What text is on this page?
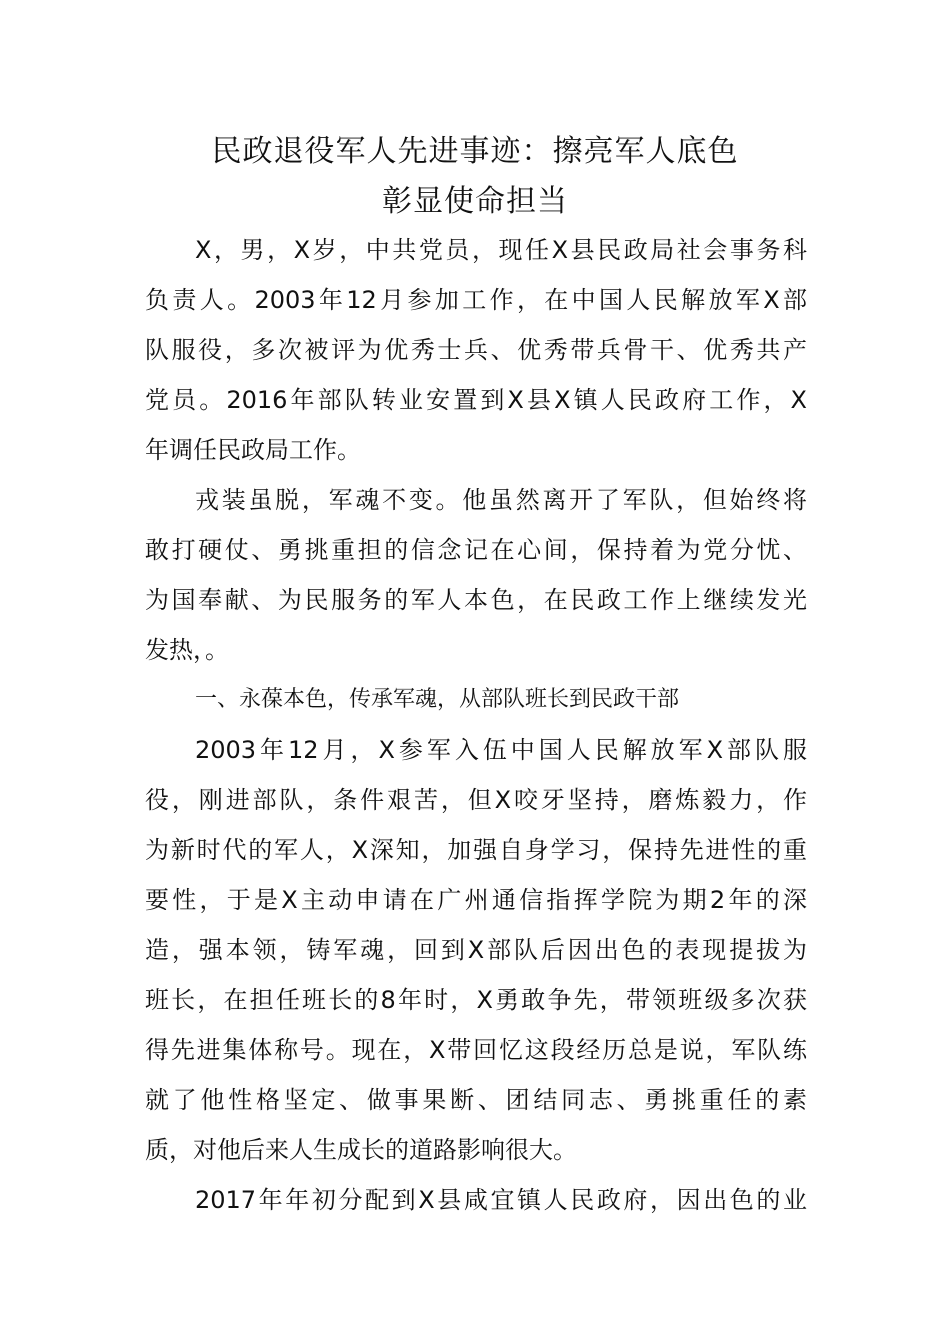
民政退役军人先进事迹：擦亮军人底色
彰显使命担当
X，男，X岁，中共党员，现任X县民政局社会事务科
负责人。2003年12月参加工作，在中国人民解放军X部
队服役，多次被评为优秀士兵、优秀带兵骨干、优秀共产
党员。2016年部队转业安置到X县X镇人民政府工作，X
年调任民政局工作。
戎装虽脱，军魂不变。他虽然离开了军队，但始终将
敢打硬仗、勇挑重担的信念记在心间，保持着为党分忧、
为国奉献、为民服务的军人本色，在民政工作上继续发光
发热，。
一、永葆本色，传承军魂，从部队班长到民政干部
2003年12月，X参军入伍中国人民解放军X部队服
役，刚进部队，条件艰苦，但X咬牙坚持，磨炼毅力，作
为新时代的军人，X深知，加强自身学习，保持先进性的重
要性，于是X主动申请在广州通信指挥学院为期2年的深
造，强本领，铸军魂，回到X部队后因出色的表现提拔为
班长，在担任班长的8年时，X勇敢争先，带领班级多次获
得先进集体称号。现在，X带回忆这段经历总是说，军队练
就了他性格坚定、做事果断、团结同志、勇挑重任的素
质，对他后来人生成长的道路影响很大。
2017年年初分配到X县咸宜镇人民政府，因出色的业
